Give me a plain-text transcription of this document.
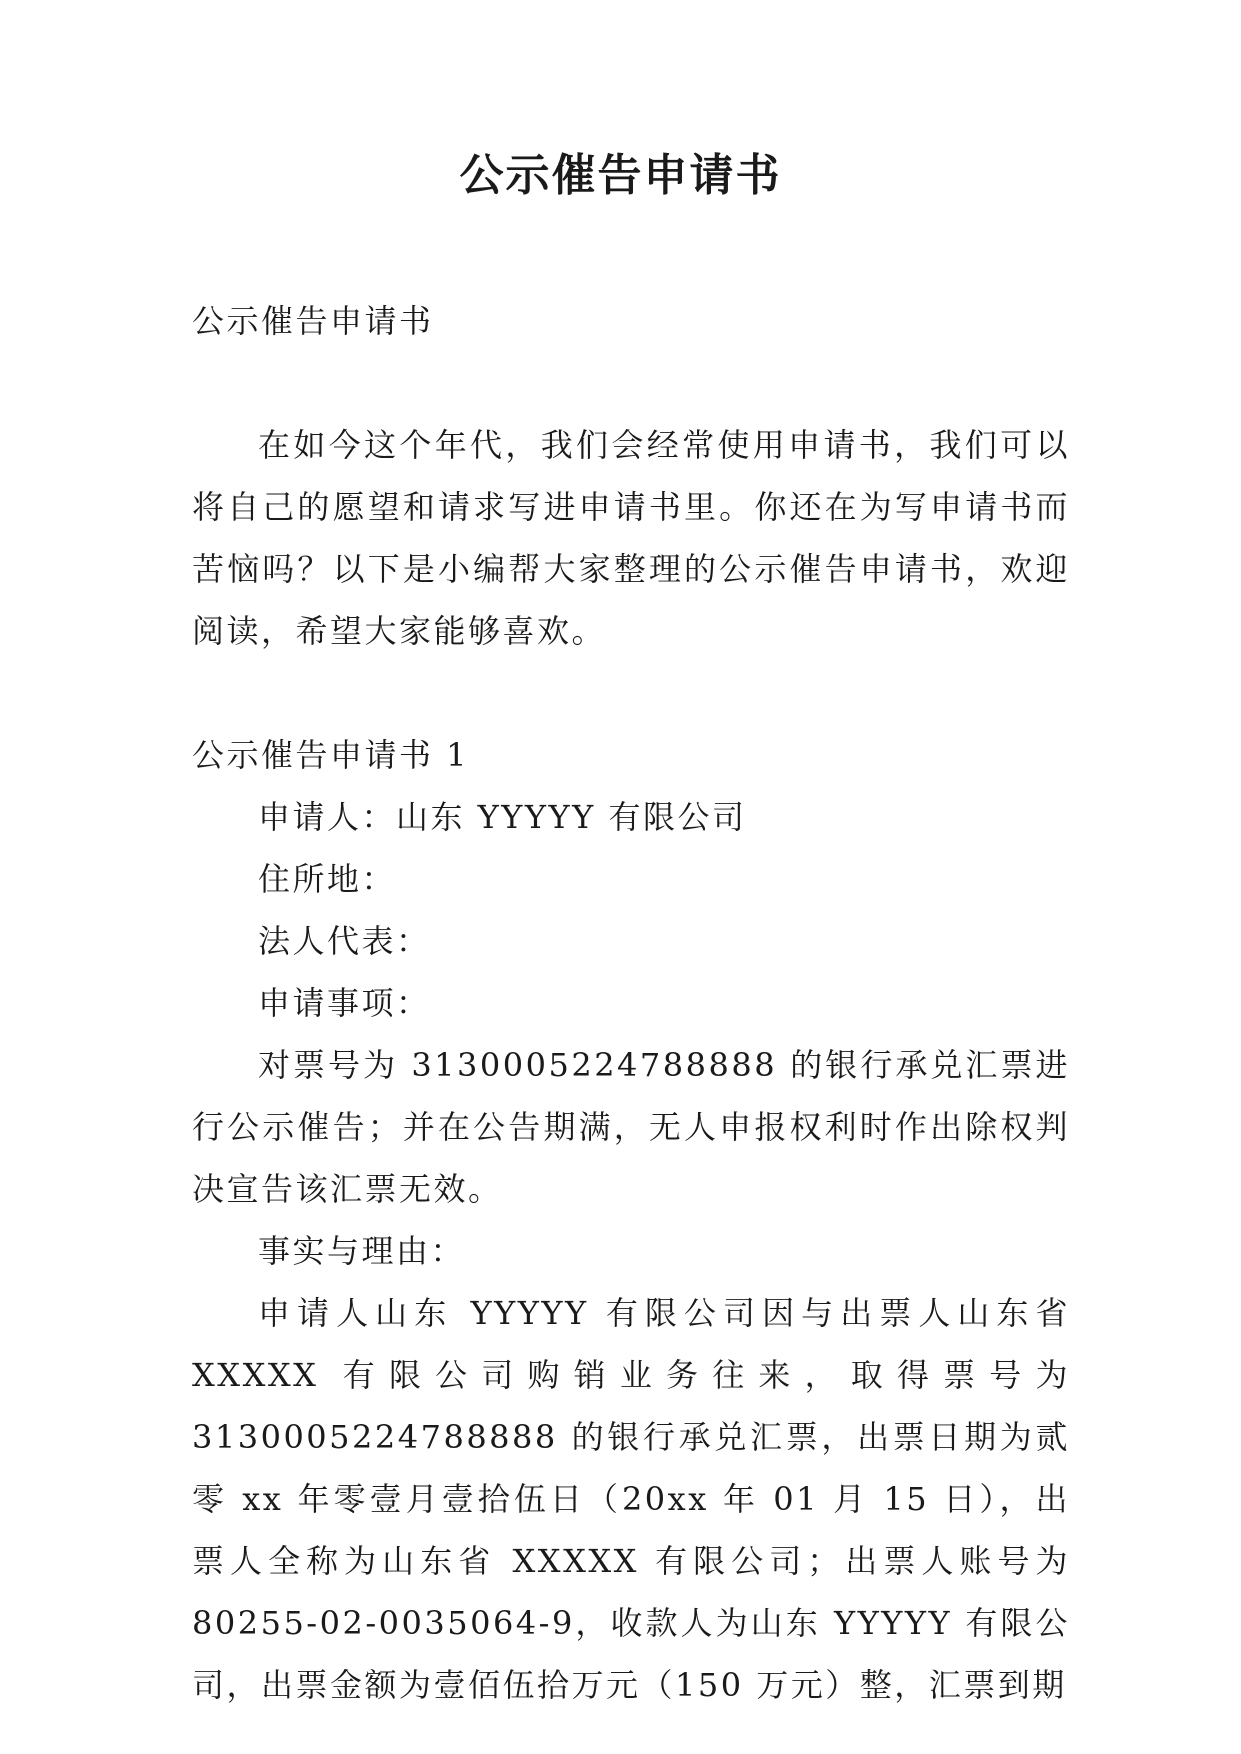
公示催告申请书

公示催告申请书

在如今这个年代，我们会经常使用申请书，我们可以将自己的愿望和请求写进申请书里。你还在为写申请书而苦恼吗？以下是小编帮大家整理的公示催告申请书，欢迎阅读，希望大家能够喜欢。

公示催告申请书 1

申请人：山东 YYYYY 有限公司

住所地：

法人代表：

申请事项：

对票号为 3130005224788888 的银行承兑汇票进行公示催告；并在公告期满，无人申报权利时作出除权判决宣告该汇票无效。

事实与理由：

申请人山东 YYYYY 有限公司因与出票人山东省 XXXXX 有限公司购销业务往来，取得票号为 3130005224788888 的银行承兑汇票，出票日期为贰零 xx 年零壹月壹拾伍日（20xx 年 01 月 15 日），出票人全称为山东省 XXXXX 有限公司；出票人账号为 80255-02-0035064-9，收款人为山东 YYYYY 有限公司，出票金额为壹佰伍拾万元（150 万元）整，汇票到期
